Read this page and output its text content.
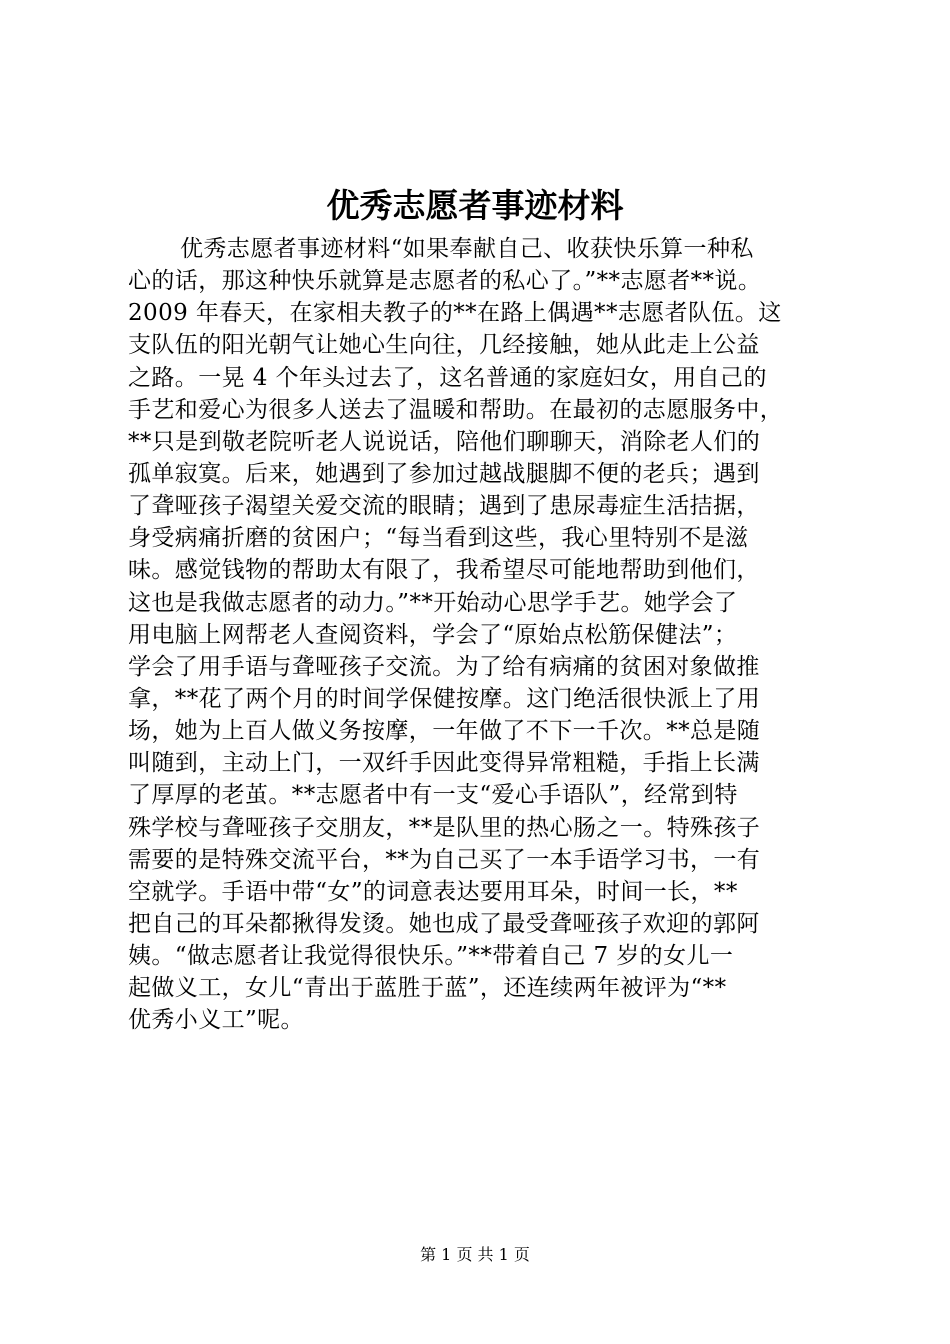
优秀志愿者事迹材料
优秀志愿者事迹材料“如果奉献自己、收获快乐算一种私
心的话，那这种快乐就算是志愿者的私心了。”**志愿者**说。
2009 年春天，在家相夫教子的**在路上偶遇**志愿者队伍。这
支队伍的阳光朝气让她心生向往，几经接触，她从此走上公益
之路。一晃 4 个年头过去了，这名普通的家庭妇女，用自己的
手艺和爱心为很多人送去了温暖和帮助。在最初的志愿服务中，
**只是到敬老院听老人说说话，陪他们聊聊天，消除老人们的
孤单寂寞。后来，她遇到了参加过越战腿脚不便的老兵；遇到
了聋哑孩子渴望关爱交流的眼睛；遇到了患尿毒症生活拮据，
身受病痛折磨的贫困户；“每当看到这些，我心里特别不是滋
味。感觉钱物的帮助太有限了，我希望尽可能地帮助到他们，
这也是我做志愿者的动力。”**开始动心思学手艺。她学会了
用电脑上网帮老人查阅资料，学会了“原始点松筋保健法”；
学会了用手语与聋哑孩子交流。为了给有病痛的贫困对象做推
拿，**花了两个月的时间学保健按摩。这门绝活很快派上了用
场，她为上百人做义务按摩，一年做了不下一千次。**总是随
叫随到，主动上门，一双纤手因此变得异常粗糙，手指上长满
了厚厚的老茧。**志愿者中有一支“爱心手语队”，经常到特
殊学校与聋哑孩子交朋友，**是队里的热心肠之一。特殊孩子
需要的是特殊交流平台，**为自己买了一本手语学习书，一有
空就学。手语中带“女”的词意表达要用耳朵，时间一长，**
把自己的耳朵都揪得发烫。她也成了最受聋哑孩子欢迎的郭阿
姨。“做志愿者让我觉得很快乐。”**带着自己 7 岁的女儿一
起做义工，女儿“青出于蓝胜于蓝”，还连续两年被评为“**
优秀小义工”呢。
第 1 页 共 1 页
